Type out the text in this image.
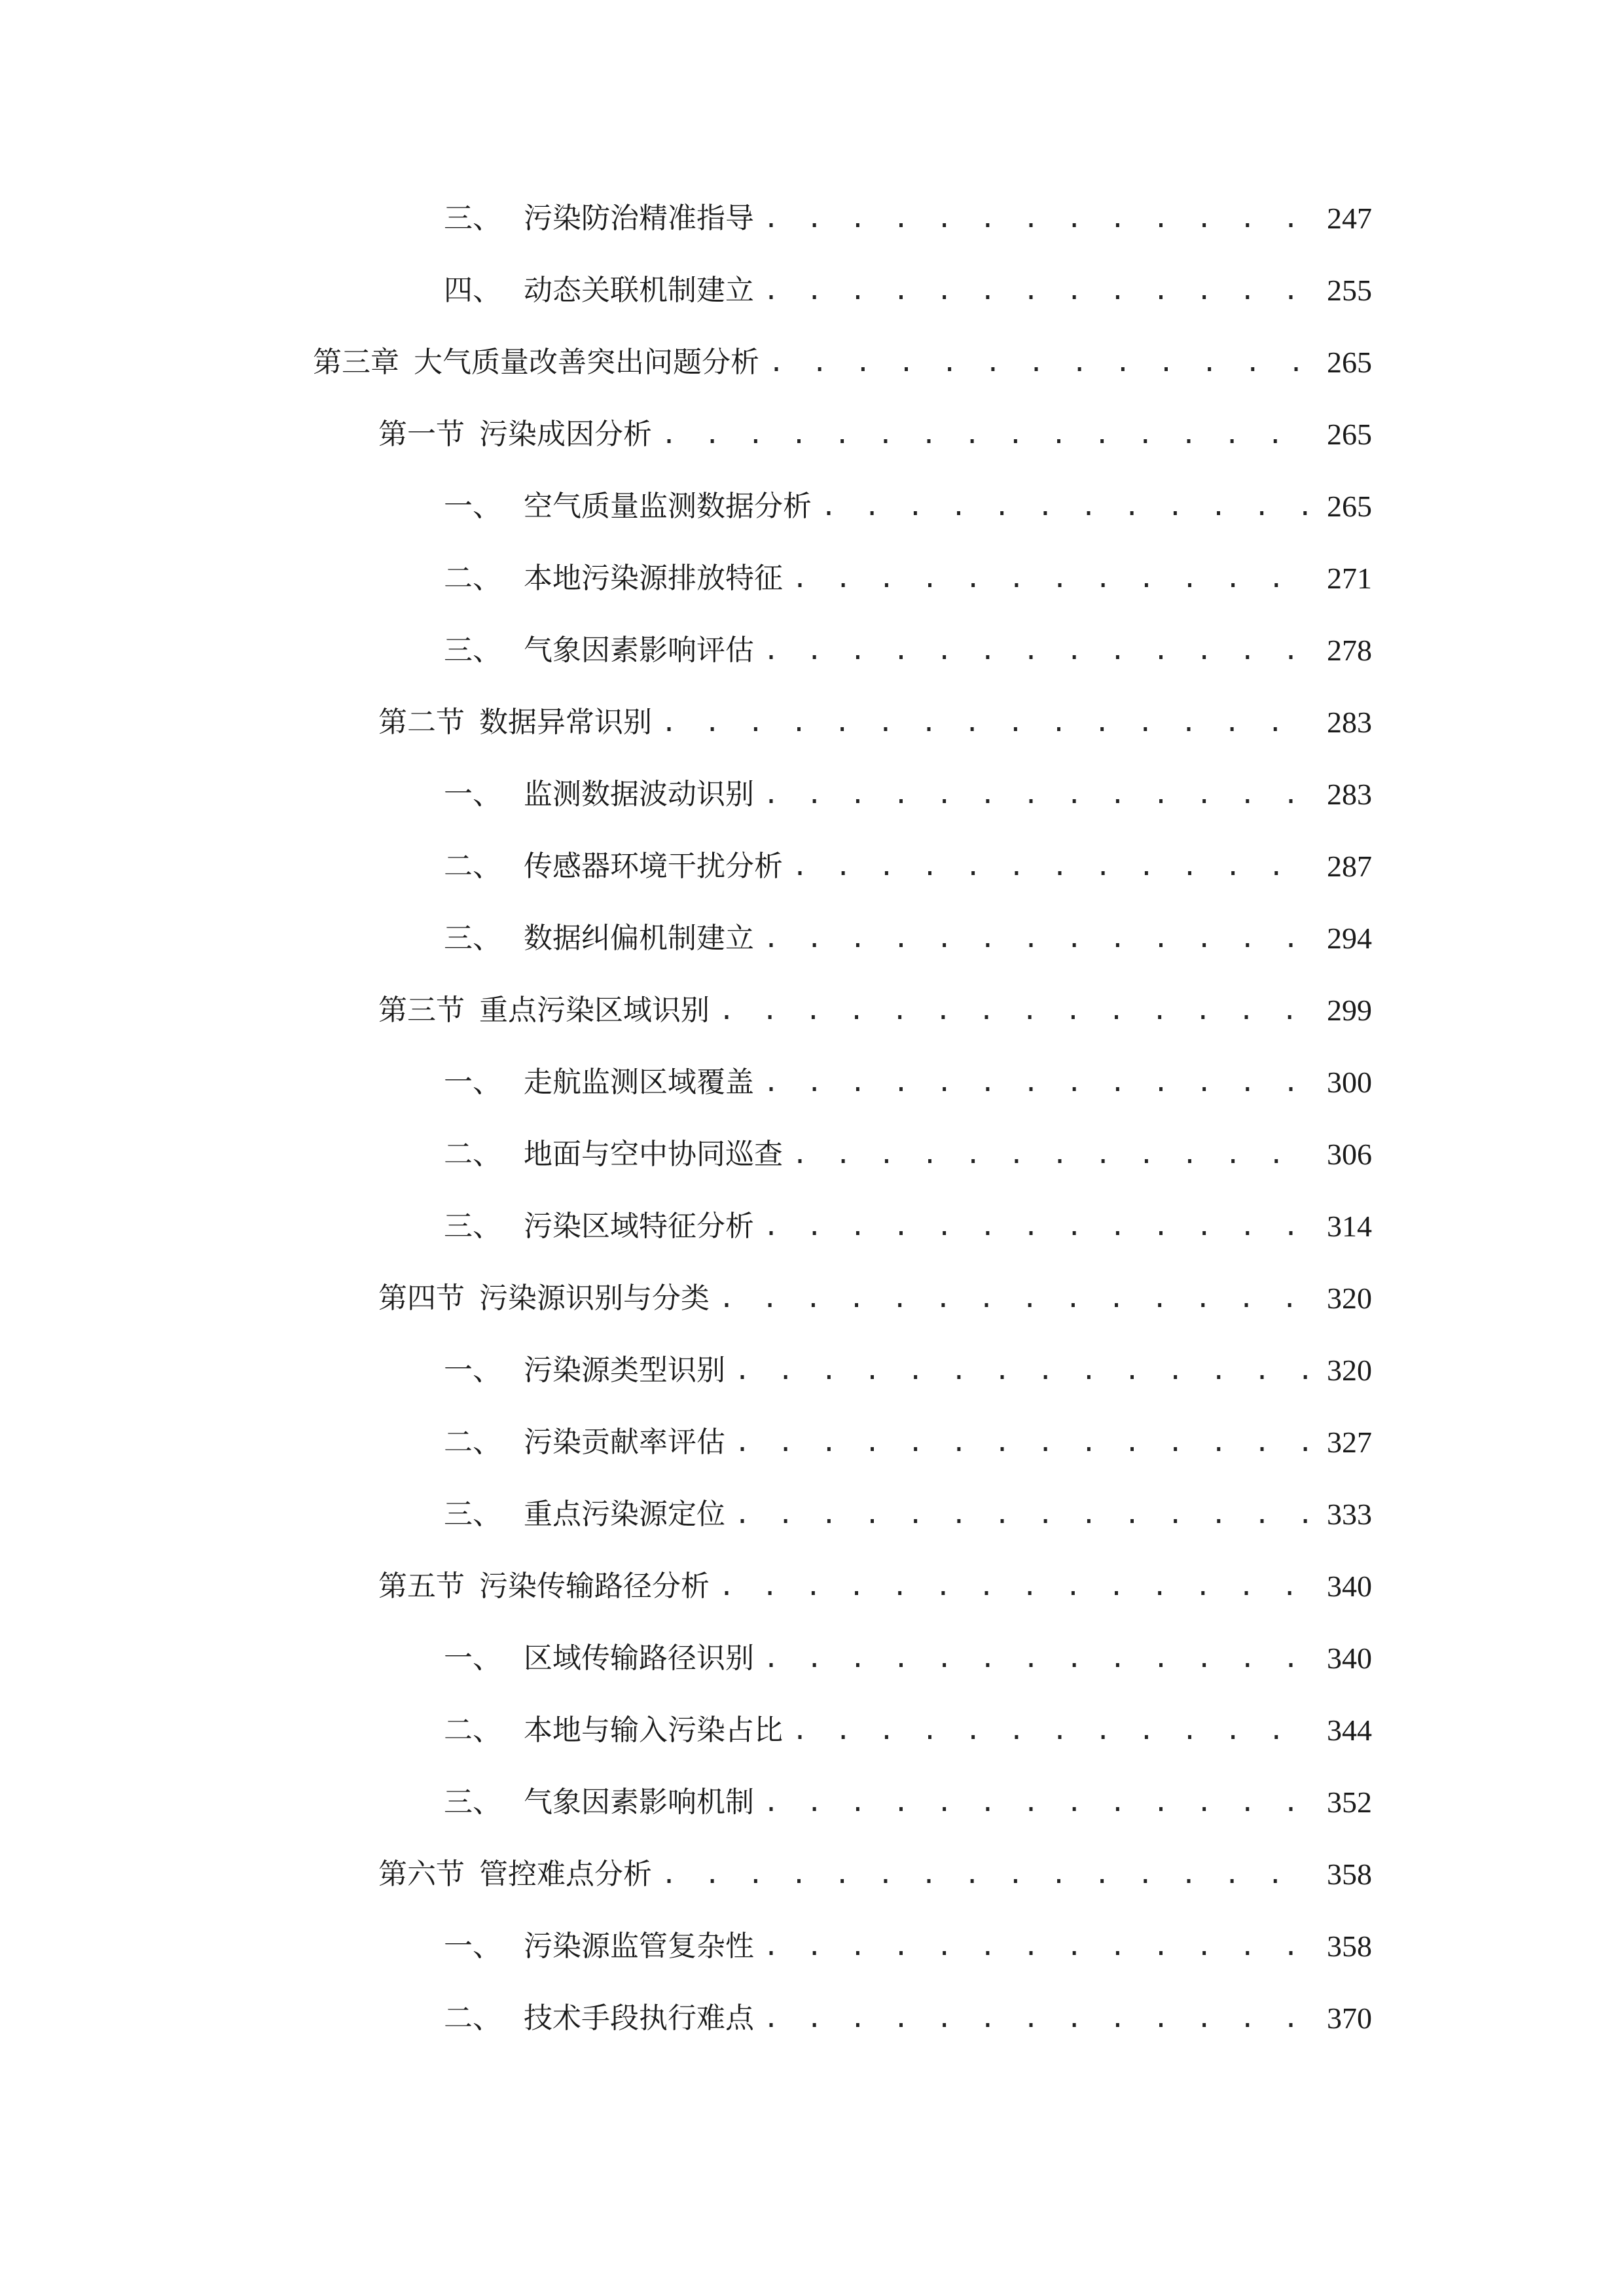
三、 污染防治精准指导 . . .	247
四、 动态关联机制建立 . . .	255
第三章 大气质量改善突出问题分析 . . .	265
第一节 污染成因分析 . . .	265
一、 空气质量监测数据分析 . . .	265
二、 本地污染源排放特征 . . .	271
三、 气象因素影响评估 . . .	278
第二节 数据异常识别 . . .	283
一、 监测数据波动识别 . . .	283
二、 传感器环境干扰分析 . . .	287
三、 数据纠偏机制建立 . . .	294
第三节 重点污染区域识别 . . .	299
一、 走航监测区域覆盖 . . .	300
二、 地面与空中协同巡查 . . .	306
三、 污染区域特征分析 . . .	314
第四节 污染源识别与分类 . . .	320
一、 污染源类型识别 . . .	320
二、 污染贡献率评估 . . .	327
三、 重点污染源定位 . . .	333
第五节 污染传输路径分析 . . .	340
一、 区域传输路径识别 . . .	340
二、 本地与输入污染占比 . . .	344
三、 气象因素影响机制 . . .	352
第六节 管控难点分析 . . .	358
一、 污染源监管复杂性 . . .	358
二、 技术手段执行难点 . . .	370
